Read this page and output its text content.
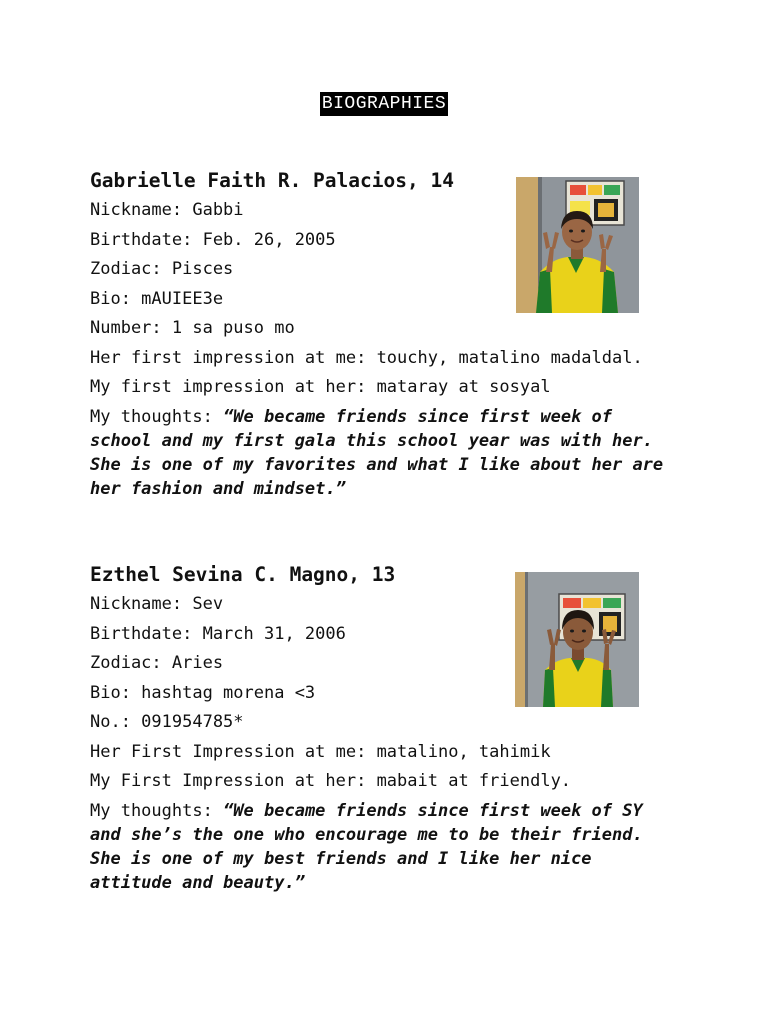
BIOGRAPHIES
Gabrielle Faith R. Palacios, 14
Nickname: Gabbi
Birthdate: Feb. 26, 2005
Zodiac: Pisces
Bio: mAUIEE3e
Number: 1 sa puso mo
Her first impression at me: touchy, matalino madaldal.
My first impression at her: mataray at sosyal
My thoughts: “We became friends since first week of school and my first gala this school year was with her. She is one of my favorites and what I like about her are her fashion and mindset.”
Ezthel Sevina C. Magno, 13
Nickname: Sev
Birthdate: March 31, 2006
Zodiac: Aries
Bio: hashtag morena <3
No.: 091954785*
Her First Impression at me: matalino, tahimik
My First Impression at her: mabait at friendly.
My thoughts: “We became friends since first week of SY and she’s the one who encourage me to be their friend. She is one of my best friends and I like her nice attitude and beauty.”
